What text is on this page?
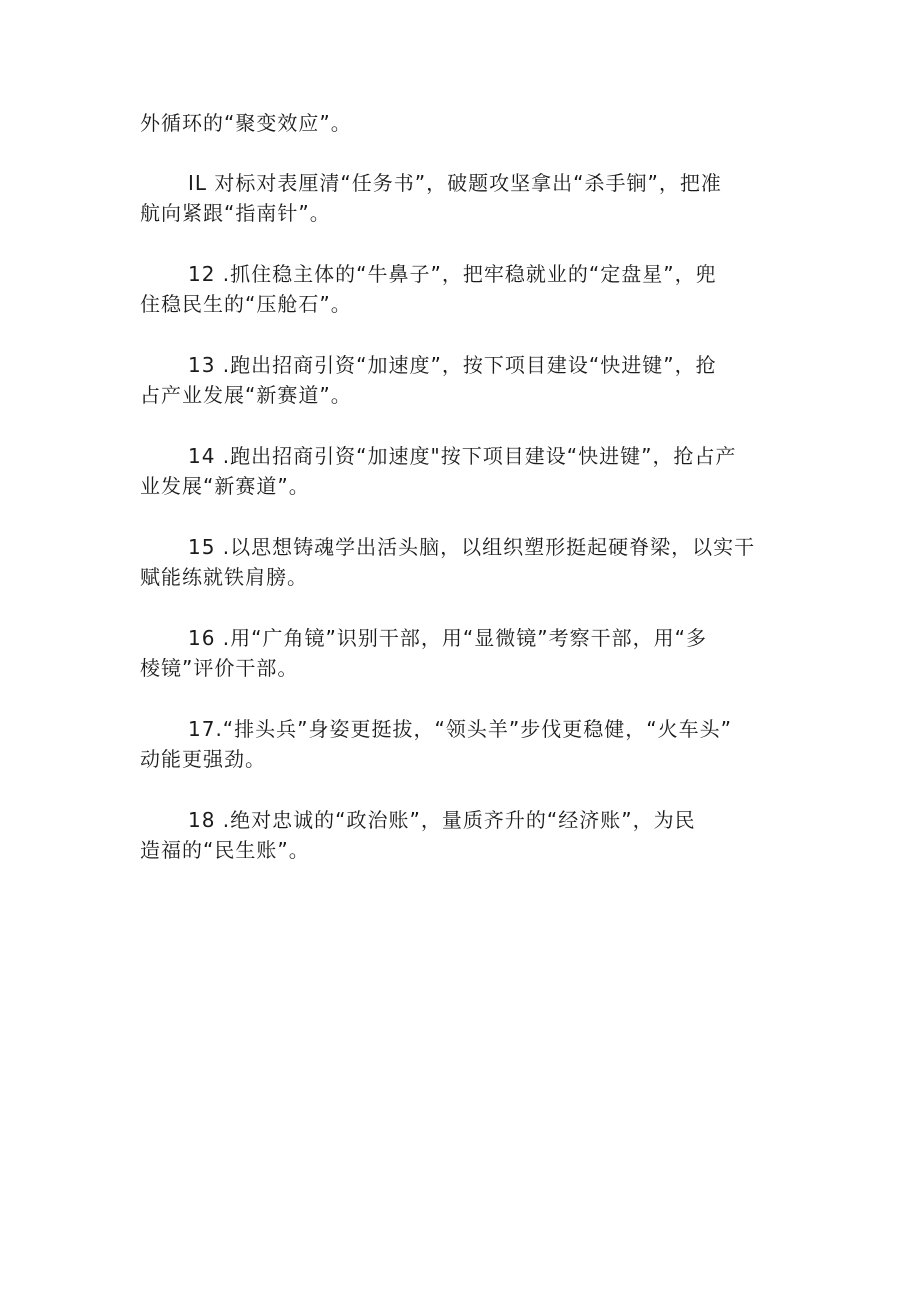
外循环的“聚变效应”。
IL 对标对表厘清“任务书”，破题攻坚拿出“杀手锏”，把准
航向紧跟“指南针”。
12 .抓住稳主体的“牛鼻子”，把牢稳就业的“定盘星”，兜
住稳民生的“压舱石”。
13 .跑出招商引资“加速度”，按下项目建设“快进键”，抢
占产业发展“新赛道”。
14 .跑出招商引资“加速度"按下项目建设“快进键”，抢占产
业发展“新赛道”。
15 .以思想铸魂学出活头脑，以组织塑形挺起硬脊梁，以实干
赋能练就铁肩膀。
16 .用“广角镜”识别干部，用“显微镜”考察干部，用“多
棱镜”评价干部。
17.“排头兵”身姿更挺拔，“领头羊”步伐更稳健，“火车头”
动能更强劲。
18 .绝对忠诚的“政治账”，量质齐升的“经济账”，为民
造福的“民生账”。
